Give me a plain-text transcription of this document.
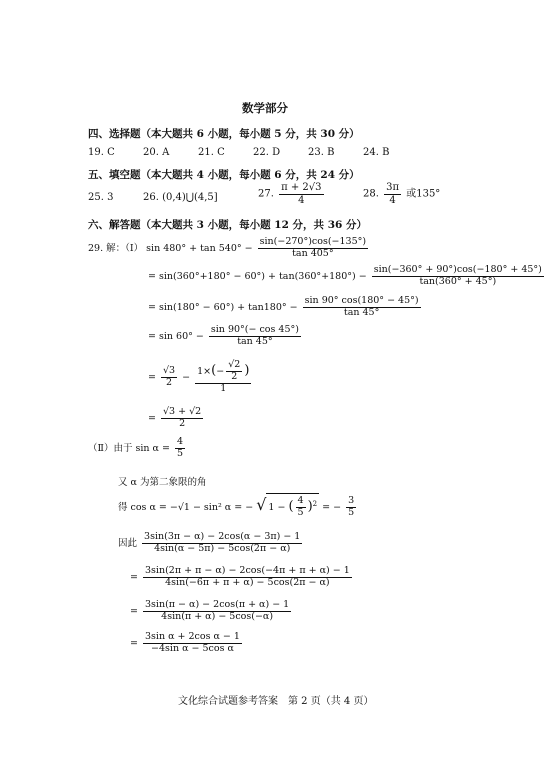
数学部分
四、选择题（本大题共 6 小题，每小题 5 分，共 30 分）
19. C	20. A	21. C	22. D	23. B	24. B
五、填空题（本大题共 4 小题，每小题 6 分，共 24 分）
25. 3	26. (0,4)⋃(4,5]	27. $\frac{\pi + 2√3}{4}$	28. $\frac{3\pi}{4}$ 或135°
六、解答题（本大题共 3 小题，每小题 12 分，共 36 分）
29. 解：（Ⅰ） $\sin 480^\circ + \tan 540^\circ - \frac{\sin(-270^\circ)\cos(-135^\circ)}{\tan 405^\circ}$
= $\sin(360^\circ+180^\circ - 60^\circ) + \tan(360^\circ+180^\circ) - \frac{\sin(-360^\circ + 90^\circ)\cos(-180^\circ + 45^\circ)}{\tan(360^\circ + 45^\circ)}$
= $\sin(180^\circ - 60^\circ) + \tan 180^\circ - \frac{\sin 90^\circ \cos(180^\circ - 45^\circ)}{\tan 45^\circ}$
= $\sin 60^\circ - \frac{\sin 90^\circ(- \cos 45^\circ)}{\tan 45^\circ}$
= $\frac{√3}{2} - \frac{1\times(- \frac{√2}{2} )}{1}$
= $\frac{√3 + √2}{2}$
（Ⅱ）由于 $\sin \alpha = \frac{4}{5}$
又 α 为第二象限的角
得 cos α = −√1 − sin² α = − √ 1 − ( $\frac{4}{5} )^2$ = − $\frac{3}{5}$
因此 $\frac{3\sin(3\pi - \alpha) - 2\cos(\alpha - 3\pi) - 1}{4\sin(\alpha - 5\pi) - 5\cos(2\pi - \alpha)}$
= $\frac{3\sin(2\pi + \pi - \alpha) - 2\cos(-4\pi + \pi + \alpha) - 1}{4\sin(-6\pi + \pi + \alpha) - 5\cos(2\pi - \alpha)}$
= $\frac{3\sin(\pi - \alpha) - 2\cos(\pi + \alpha) - 1}{4\sin(\pi + \alpha) - 5\cos(-\alpha)}$
= $\frac{\text{3sin α + 2cos α − 1}}{\text{−4sin α − 5cos α}}$
文化综合试题参考答案　第 2 页（共 4 页）
